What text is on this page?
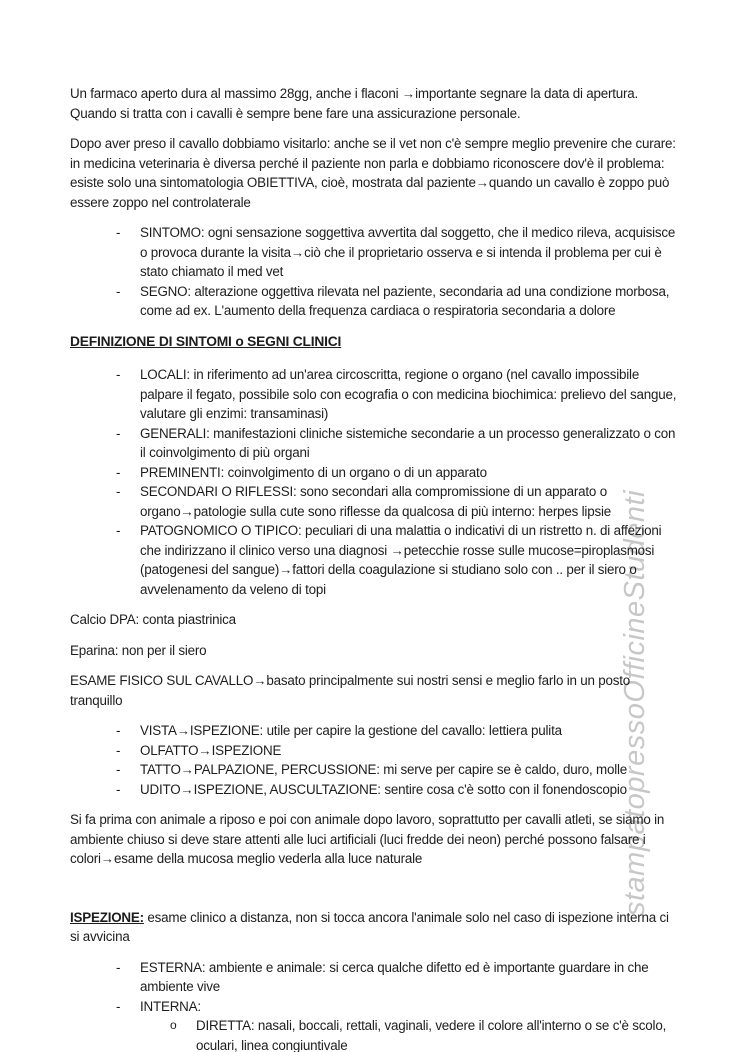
stampatopressoOfficineStudenti

Un farmaco aperto dura al massimo 28gg, anche i flaconi →importante segnare la data di apertura. Quando si tratta con i cavalli è sempre bene fare una assicurazione personale.

Dopo aver preso il cavallo dobbiamo visitarlo: anche se il vet non c'è sempre meglio prevenire che curare: in medicina veterinaria è diversa perché il paziente non parla e dobbiamo riconoscere dov'è il problema: esiste solo una sintomatologia OBIETTIVA, cioè, mostrata dal paziente→quando un cavallo è zoppo può essere zoppo nel controlaterale

-	SINTOMO: ogni sensazione soggettiva avvertita dal soggetto, che il medico rileva, acquisisce o provoca durante la visita→ciò che il proprietario osserva e si intenda il problema per cui è stato chiamato il med vet
-	SEGNO: alterazione oggettiva rilevata nel paziente, secondaria ad una condizione morbosa, come ad ex. L'aumento della frequenza cardiaca o respiratoria secondaria a dolore
DEFINIZIONE DI SINTOMI o SEGNI CLINICI
-	LOCALI: in riferimento ad un'area circoscritta, regione o organo (nel cavallo impossibile palpare il fegato, possibile solo con ecografia o con medicina biochimica: prelievo del sangue, valutare gli enzimi: transaminasi)
-	GENERALI: manifestazioni cliniche sistemiche secondarie a un processo generalizzato o con il coinvolgimento di più organi
-	PREMINENTI: coinvolgimento di un organo o di un apparato
-	SECONDARI O RIFLESSI: sono secondari alla compromissione di un apparato o organo→patologie sulla cute sono riflesse da qualcosa di più interno: herpes lipsie
-	PATOGNOMICO O TIPICO: peculiari di una malattia o indicativi di un ristretto n. di affezioni che indirizzano il clinico verso una diagnosi →petecchie rosse sulle mucose=piroplasmosi (patogenesi del sangue)→fattori della coagulazione si studiano solo con .. per il siero o avvelenamento da veleno di topi

Calcio DPA: conta piastrinica

Eparina: non per il siero

ESAME FISICO SUL CAVALLO→basato principalmente sui nostri sensi e meglio farlo in un posto tranquillo

-	VISTA→ISPEZIONE: utile per capire la gestione del cavallo: lettiera pulita
-	OLFATTO→ISPEZIONE
-	TATTO→PALPAZIONE, PERCUSSIONE: mi serve per capire se è caldo, duro, molle
-	UDITO→ISPEZIONE, AUSCULTAZIONE: sentire cosa c'è sotto con il fonendoscopio

Si fa prima con animale a riposo e poi con animale dopo lavoro, soprattutto per cavalli atleti, se siamo in ambiente chiuso si deve stare attenti alle luci artificiali (luci fredde dei neon) perché possono falsare i colori→esame della mucosa meglio vederla alla luce naturale

ISPEZIONE: esame clinico a distanza, non si tocca ancora l'animale solo nel caso di ispezione interna ci si avvicina

-	ESTERNA: ambiente e animale: si cerca qualche difetto ed è importante guardare in che ambiente vive
-	INTERNA:
o	DIRETTA: nasali, boccali, rettali, vaginali, vedere il colore all'interno o se c'è scolo, oculari, linea congiuntivale
